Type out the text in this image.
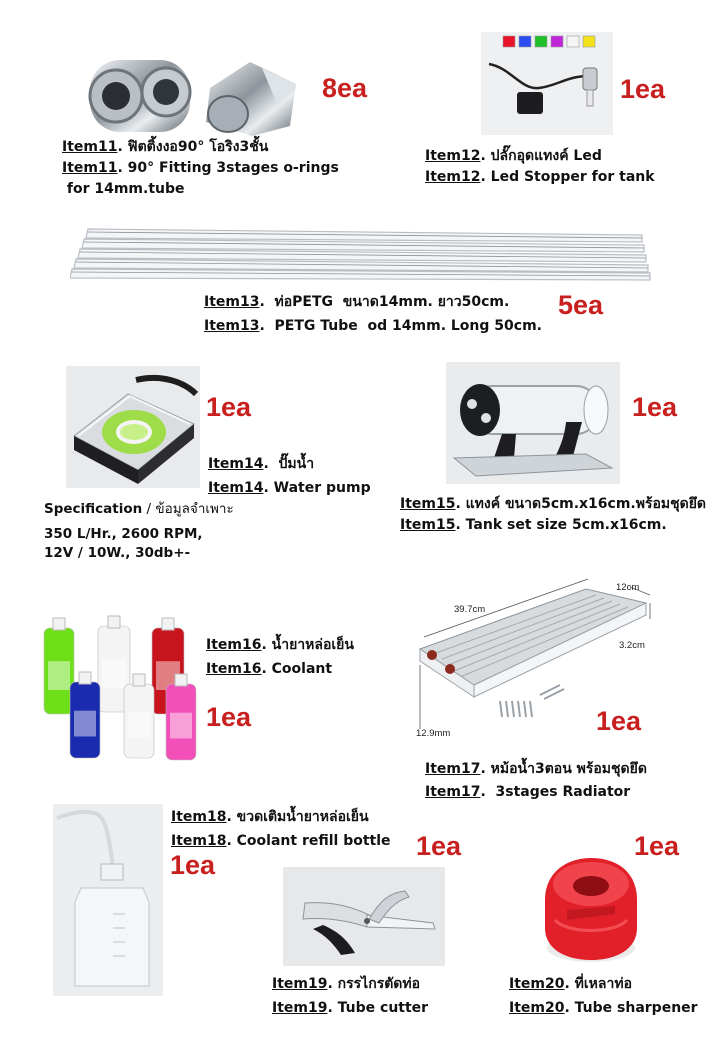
8ea
Item11. ฟิตติ้งงอ90° โอริง3ชั้น
Item11. 90° Fitting 3stages o-rings
for 14mm.tube
1ea
Item12. ปลั๊กอุดแทงค์ Led
Item12. Led Stopper for tank
Item13.  ท่อPETG  ขนาด14mm. ยาว50cm.
Item13.  PETG Tube  od 14mm. Long 50cm.
5ea
1ea
Item14.  ปั๊มน้ำ
Item14. Water pump
Specification / ข้อมูลจำเพาะ

350 L/Hr., 2600 RPM,
12V / 10W., 30db+-
1ea
Item15. แทงค์ ขนาด5cm.x16cm.พร้อมชุดยึด
Item15. Tank set size 5cm.x16cm.
Item16. น้ำยาหล่อเย็น
Item16. Coolant
1ea
39.7cm
12cm
3.2cm
12.9mm	1ea
Item17. หม้อน้ำ3ตอน พร้อมชุดยึด
Item17.  3stages Radiator
Item18. ขวดเติมน้ำยาหล่อเย็น
Item18. Coolant refill bottle
1ea
1ea
Item19. กรรไกรตัดท่อ
Item19. Tube cutter
1ea
Item20. ที่เหลาท่อ
Item20. Tube sharpener
